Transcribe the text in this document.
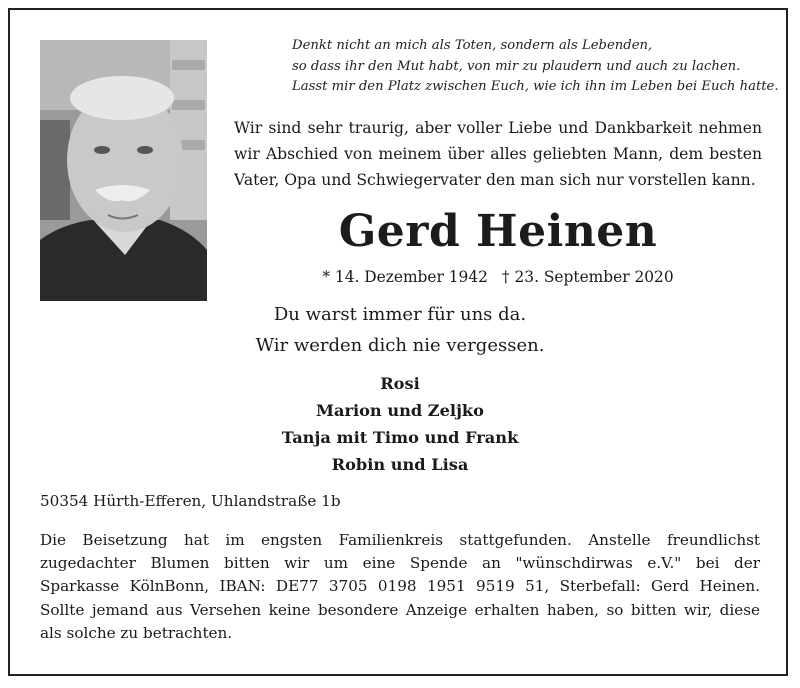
Denkt nicht an mich als Toten, sondern als Lebenden,
so dass ihr den Mut habt, von mir zu plaudern und auch zu lachen.
Lasst mir den Platz zwischen Euch, wie ich ihn im Leben bei Euch hatte.
Wir sind sehr traurig, aber voller Liebe und Dankbarkeit nehmen
wir Abschied von meinem über alles geliebten Mann, dem besten
Vater, Opa und Schwiegervater den man sich nur vorstellen kann.
Gerd Heinen
* 14. Dezember 1942 † 23. September 2020
Du warst immer für uns da.
Wir werden dich nie vergessen.
Rosi
Marion und Zeljko
Tanja mit Timo und Frank
Robin und Lisa
50354 Hürth-Efferen, Uhlandstraße 1b
Die Beisetzung hat im engsten Familienkreis stattgefunden. Anstelle freundlichst
zugedachter Blumen bitten wir um eine Spende an "wünschdirwas e.V." bei der
Sparkasse KölnBonn, IBAN: DE77 3705 0198 1951 9519 51, Sterbefall: Gerd Heinen.
Sollte jemand aus Versehen keine besondere Anzeige erhalten haben, so bitten wir, diese
als solche zu betrachten.
